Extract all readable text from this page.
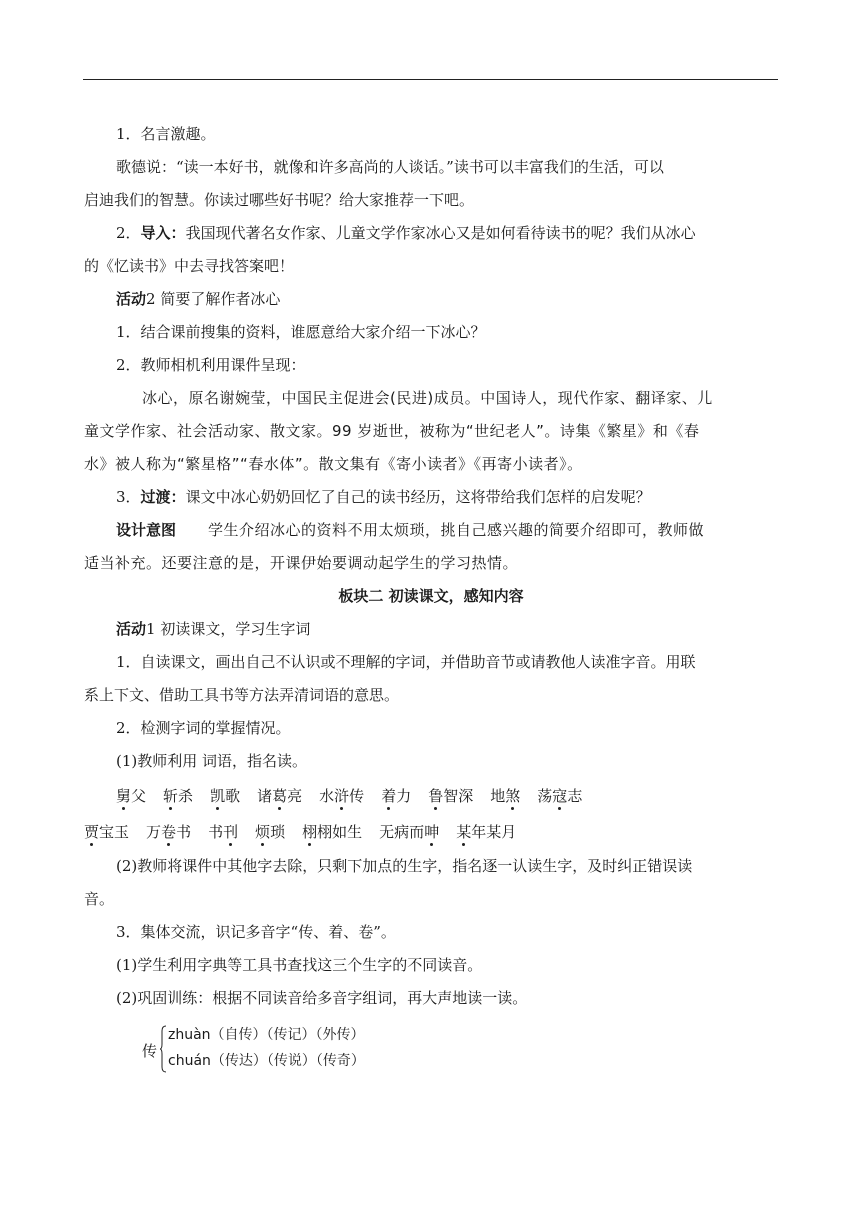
1．名言激趣。

歌德说：“读一本好书，就像和许多高尚的人谈话。”读书可以丰富我们的生活，可以

启迪我们的智慧。你读过哪些好书呢？给大家推荐一下吧。

2．导入：我国现代著名女作家、儿童文学作家冰心又是如何看待读书的呢？我们从冰心

的《忆读书》中去寻找答案吧！

活动2 简要了解作者冰心

1．结合课前搜集的资料，谁愿意给大家介绍一下冰心？

2．教师相机利用课件呈现：

冰心，原名谢婉莹，中国民主促进会(民进)成员。中国诗人，现代作家、翻译家、儿

童文学作家、社会活动家、散文家。99 岁逝世，被称为“世纪老人”。诗集《繁星》和《春

水》被人称为“繁星格”“春水体”。散文集有《寄小读者》《再寄小读者》。

3．过渡：课文中冰心奶奶回忆了自己的读书经历，这将带给我们怎样的启发呢？

设计意图 学生介绍冰心的资料不用太烦琐，挑自己感兴趣的简要介绍即可，教师做

适当补充。还要注意的是，开课伊始要调动起学生的学习热情。

板块二 初读课文，感知内容

活动1 初读课文，学习生字词

1．自读课文，画出自己不认识或不理解的字词，并借助音节或请教他人读准字音。用联

系上下文、借助工具书等方法弄清词语的意思。

2．检测字词的掌握情况。

(1)教师利用 词语，指名读。

舅父 斩杀 凯歌 诸葛亮 水浒传 着力 鲁智深 地煞 荡寇志
贾宝玉 万卷书 书刊 烦琐 栩栩如生 无病而呻 某年某月

(2)教师将课件中其他字去除，只剩下加点的生字，指名逐一认读生字，及时纠正错误读

音。

3．集体交流，识记多音字“传、着、卷”。

(1)学生利用字典等工具书查找这三个生字的不同读音。

(2)巩固训练：根据不同读音给多音字组词，再大声地读一读。

传
zhuàn（自传）（传记）（外传）
chuán（传达）（传说）（传奇）
